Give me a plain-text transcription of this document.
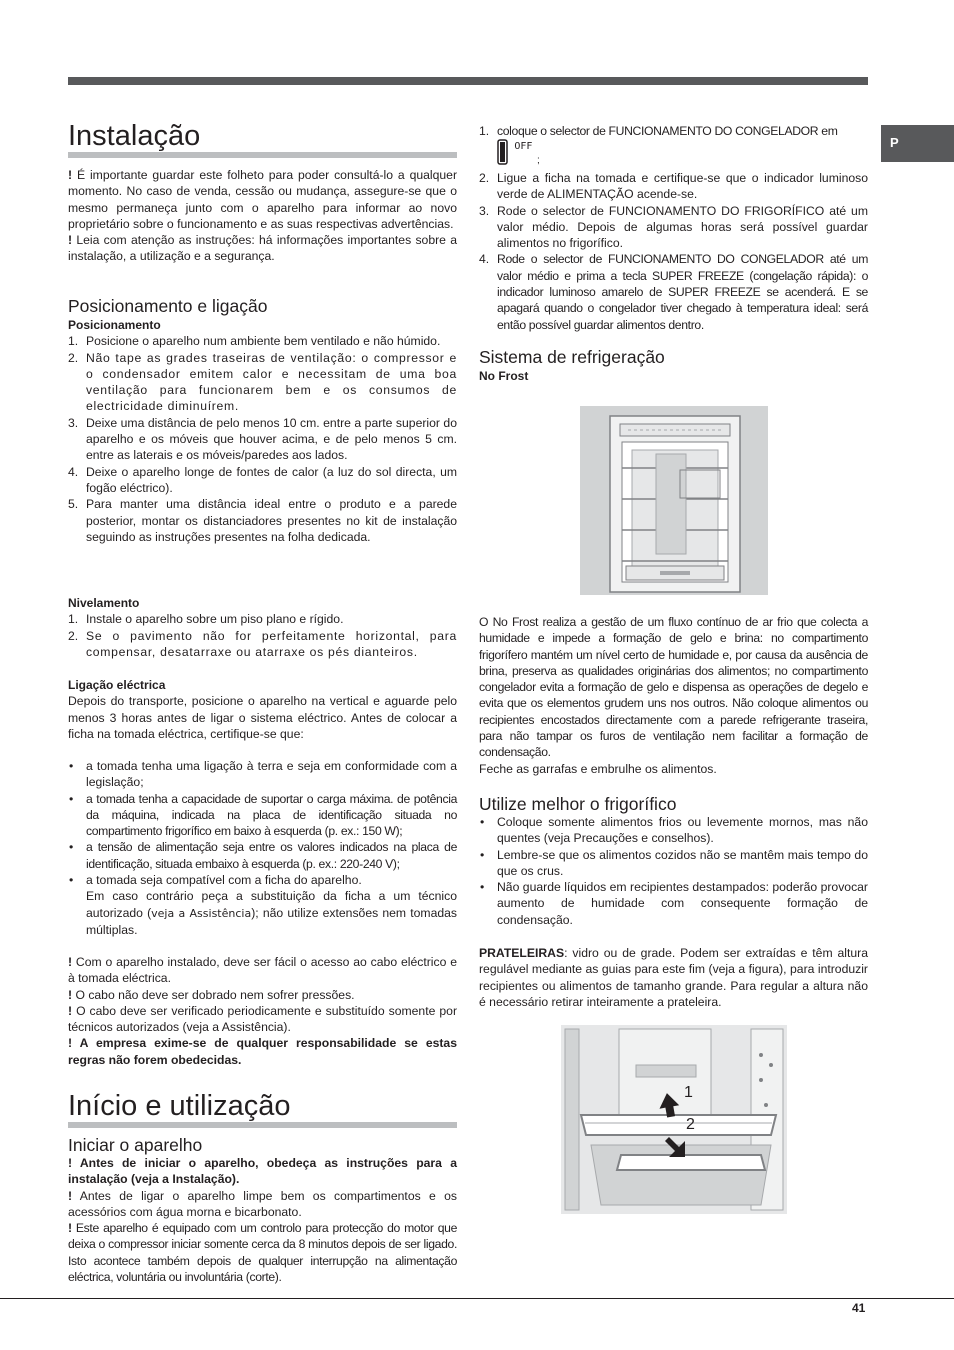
P
Instalação

! É importante guardar este folheto para poder consultá-lo a qualquer momento. No caso de venda, cessão ou mudança, assegure-se que o mesmo permaneça junto com o aparelho para informar ao novo proprietário sobre o funcionamento e as suas respectivas advertências.

! Leia com atenção as instruções: há informações importantes sobre a instalação, a utilização e a segurança.

Posicionamento e ligação
Posicionamento
1. Posicione o aparelho num ambiente bem ventilado e não húmido.
2. Não tape as grades traseiras de ventilação: o compressor e o condensador emitem calor e necessitam de uma boa ventilação para funcionarem bem e os consumos de electricidade diminuírem.
3. Deixe uma distância de pelo menos 10 cm. entre a parte superior do aparelho e os móveis que houver acima, e de pelo menos 5 cm. entre as laterais e os móveis/paredes aos lados.
4. Deixe o aparelho longe de fontes de calor (a luz do sol directa, um fogão eléctrico).
5. Para manter uma distância ideal entre o produto e a parede posterior, montar os distanciadores presentes no kit de instalação seguindo as instruções presentes na folha dedicada.
Nivelamento
1. Instale o aparelho sobre um piso plano e rígido.
2. Se o pavimento não for perfeitamente horizontal, para compensar, desatarraxe ou atarraxe os pés dianteiros.
Ligação eléctrica

Depois do transporte, posicione o aparelho na vertical e aguarde pelo menos 3 horas antes de ligar o sistema eléctrico. Antes de colocar a ficha na tomada eléctrica, certifique-se que:

• a tomada tenha uma ligação à terra e seja em conformidade com a legislação;
• a tomada tenha a capacidade de suportar o carga máxima. de potência da máquina, indicada na placa de identificação situada no compartimento frigorífico em baixo à esquerda (p. ex.: 150 W);
• a tensão de alimentação seja entre os valores indicados na placa de identificação, situada embaixo à esquerda (p. ex.: 220-240 V);
• a tomada seja compatível com a ficha do aparelho.

Em caso contrário peça a substituição da ficha a um técnico autorizado (veja a Assistência); não utilize extensões nem tomadas múltiplas.

! Com o aparelho instalado, deve ser fácil o acesso ao cabo eléctrico e à tomada eléctrica.

! O cabo não deve ser dobrado nem sofrer pressões.

! O cabo deve ser verificado periodicamente e substituído somente por técnicos autorizados (veja a Assistência).

! A empresa exime-se de qualquer responsabilidade se estas regras não forem obedecidas.

Início e utilização
Iniciar o aparelho

! Antes de iniciar o aparelho, obedeça as instruções para a instalação (veja a Instalação).

! Antes de ligar o aparelho limpe bem os compartimentos e os acessórios com água morna e bicarbonato.

! Este aparelho é equipado com um controlo para protecção do motor que deixa o compressor iniciar somente cerca da 8 minutos depois de ser ligado. Isto acontece também depois de qualquer interrupção na alimentação eléctrica, voluntária ou involuntária (corte).

1. coloque o selector de FUNCIONAMENTO DO CONGELADOR em
$^{OFF}$
;
2. Ligue a ficha na tomada e certifique-se que o indicador luminoso verde de ALIMENTAÇÃO acende-se.
3. Rode o selector de FUNCIONAMENTO DO FRIGORÍFICO até um valor médio. Depois de algumas horas será possível guardar alimentos no frigorífico.
4. Rode o selector de FUNCIONAMENTO DO CONGELADOR até um valor médio e prima a tecla SUPER FREEZE (congelação rápida): o indicador luminoso amarelo de SUPER FREEZE se acenderá. E se apagará quando o congelador tiver chegado à temperatura ideal: será então possível guardar alimentos dentro.
Sistema de refrigeração
No Frost

O No Frost realiza a gestão de um fluxo contínuo de ar frio que colecta a humidade e impede a formação de gelo e brina: no compartimento frigorífero mantém um nível certo de humidade e, por causa da ausência de brina, preserva as qualidades originárias dos alimentos; no compartimento congelador evita a formação de gelo e dispensa as operações de degelo e evita que os elementos grudem uns nos outros. Não coloque alimentos ou recipientes encostados directamente com a parede refrigerante traseira, para não tampar os furos de ventilação nem facilitar a formação de condensação.

Feche as garrafas e embrulhe os alimentos.

Utilize melhor o frigorífico
• Coloque somente alimentos frios ou levemente mornos, mas não quentes (veja Precauções e conselhos).
• Lembre-se que os alimentos cozidos não se mantêm mais tempo do que os crus.
• Não guarde líquidos em recipientes destampados: poderão provocar aumento de humidade com consequente formação de condensação.

PRATELEIRAS: vidro ou de grade. Podem ser extraídas e têm altura regulável mediante as guias para este fim (veja a figura), para introduzir recipientes ou alimentos de tamanho grande. Para regular a altura não é necessário retirar inteiramente a prateleira.

1
2
41
